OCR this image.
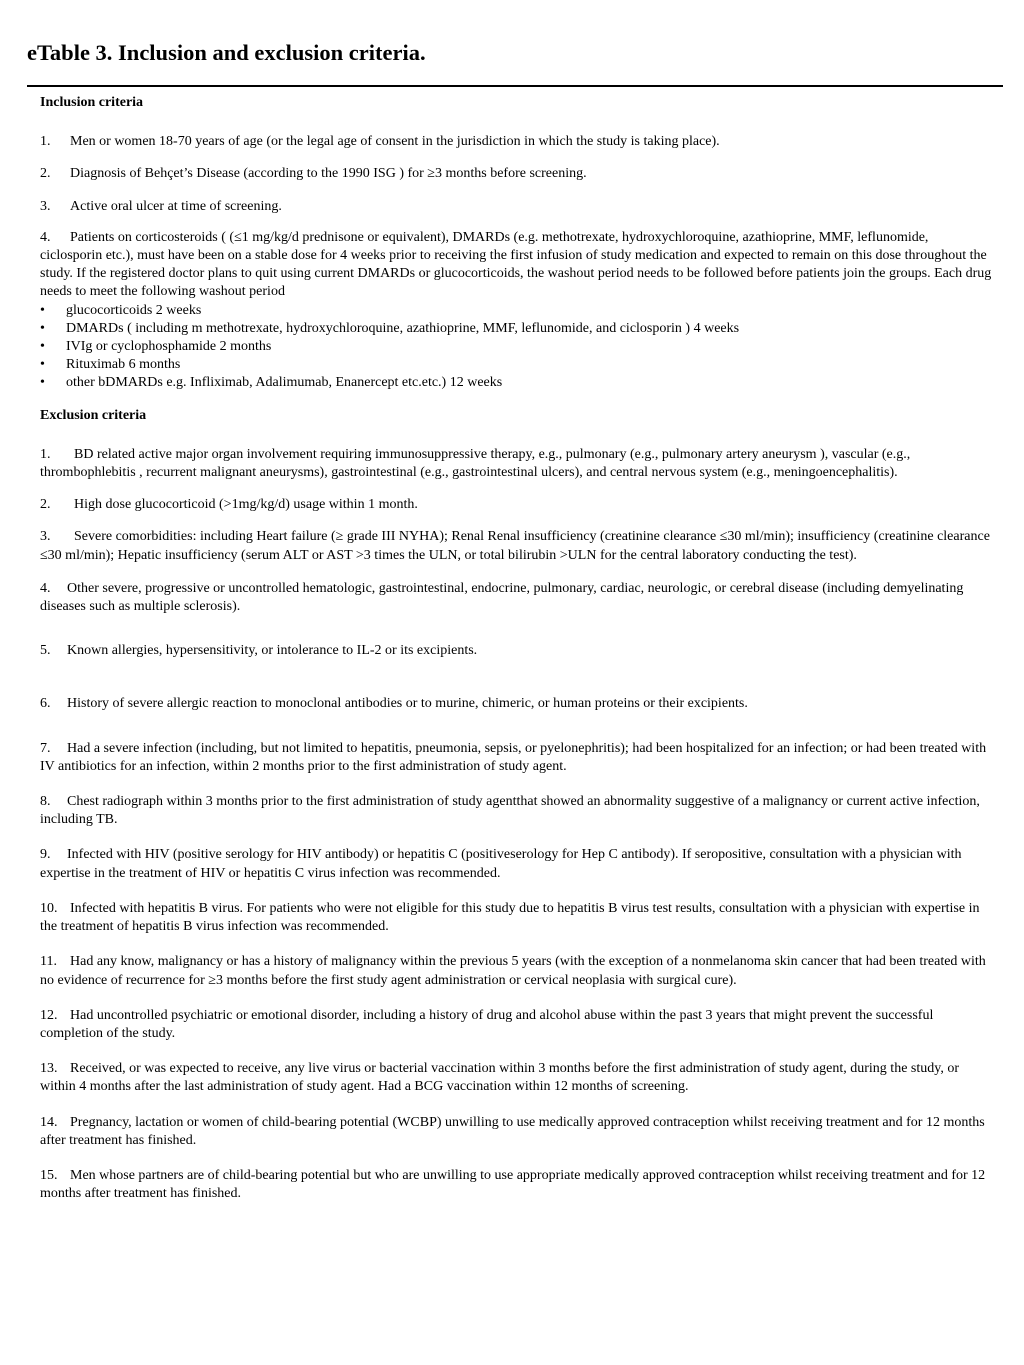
eTable 3. Inclusion and exclusion criteria.

Inclusion criteria

1. Men or women 18-70 years of age (or the legal age of consent in the jurisdiction in which the study is taking place).

2. Diagnosis of Behçet’s Disease (according to the 1990 ISG ) for ≥3 months before screening.

3. Active oral ulcer at time of screening.

4. Patients on corticosteroids ( (≤1 mg/kg/d prednisone or equivalent), DMARDs (e.g. methotrexate, hydroxychloroquine, azathioprine, MMF, leflunomide, ciclosporin etc.), must have been on a stable dose for 4 weeks prior to receiving the first infusion of study medication and expected to remain on this dose throughout the study. If the registered doctor plans to quit using current DMARDs or glucocorticoids, the washout period needs to be followed before patients join the groups. Each drug needs to meet the following washout period

• glucocorticoids 2 weeks
• DMARDs ( including m methotrexate, hydroxychloroquine, azathioprine, MMF, leflunomide, and ciclosporin ) 4 weeks
• IVIg or cyclophosphamide 2 months
• Rituximab 6 months
• other bDMARDs e.g. Infliximab, Adalimumab, Enanercept etc.etc.) 12 weeks

Exclusion criteria

1. BD related active major organ involvement requiring immunosuppressive therapy, e.g., pulmonary (e.g., pulmonary artery aneurysm ), vascular (e.g., thrombophlebitis , recurrent malignant aneurysms), gastrointestinal (e.g., gastrointestinal ulcers), and central nervous system (e.g., meningoencephalitis).

2. High dose glucocorticoid (>1mg/kg/d) usage within 1 month.

3. Severe comorbidities: including Heart failure (≥ grade III NYHA); Renal Renal insufficiency (creatinine clearance ≤30 ml/min); insufficiency (creatinine clearance ≤30 ml/min); Hepatic insufficiency (serum ALT or AST >3 times the ULN, or total bilirubin >ULN for the central laboratory conducting the test).

4. Other severe, progressive or uncontrolled hematologic, gastrointestinal, endocrine, pulmonary, cardiac, neurologic, or cerebral disease (including demyelinating diseases such as multiple sclerosis).

5. Known allergies, hypersensitivity, or intolerance to IL-2 or its excipients.

6. History of severe allergic reaction to monoclonal antibodies or to murine, chimeric, or human proteins or their excipients.

7. Had a severe infection (including, but not limited to hepatitis, pneumonia, sepsis, or pyelonephritis); had been hospitalized for an infection; or had been treated with IV antibiotics for an infection, within 2 months prior to the first administration of study agent.

8. Chest radiograph within 3 months prior to the first administration of study agentthat showed an abnormality suggestive of a malignancy or current active infection, including TB.

9. Infected with HIV (positive serology for HIV antibody) or hepatitis C (positiveserology for Hep C antibody). If seropositive, consultation with a physician with expertise in the treatment of HIV or hepatitis C virus infection was recommended.

10. Infected with hepatitis B virus. For patients who were not eligible for this study due to hepatitis B virus test results, consultation with a physician with expertise in the treatment of hepatitis B virus infection was recommended.

11. Had any know, malignancy or has a history of malignancy within the previous 5 years (with the exception of a nonmelanoma skin cancer that had been treated with no evidence of recurrence for ≥3 months before the first study agent administration or cervical neoplasia with surgical cure).

12. Had uncontrolled psychiatric or emotional disorder, including a history of drug and alcohol abuse within the past 3 years that might prevent the successful completion of the study.

13. Received, or was expected to receive, any live virus or bacterial vaccination within 3 months before the first administration of study agent, during the study, or within 4 months after the last administration of study agent. Had a BCG vaccination within 12 months of screening.

14. Pregnancy, lactation or women of child-bearing potential (WCBP) unwilling to use medically approved contraception whilst receiving treatment and for 12 months after treatment has finished.

15. Men whose partners are of child-bearing potential but who are unwilling to use appropriate medically approved contraception whilst receiving treatment and for 12 months after treatment has finished.
